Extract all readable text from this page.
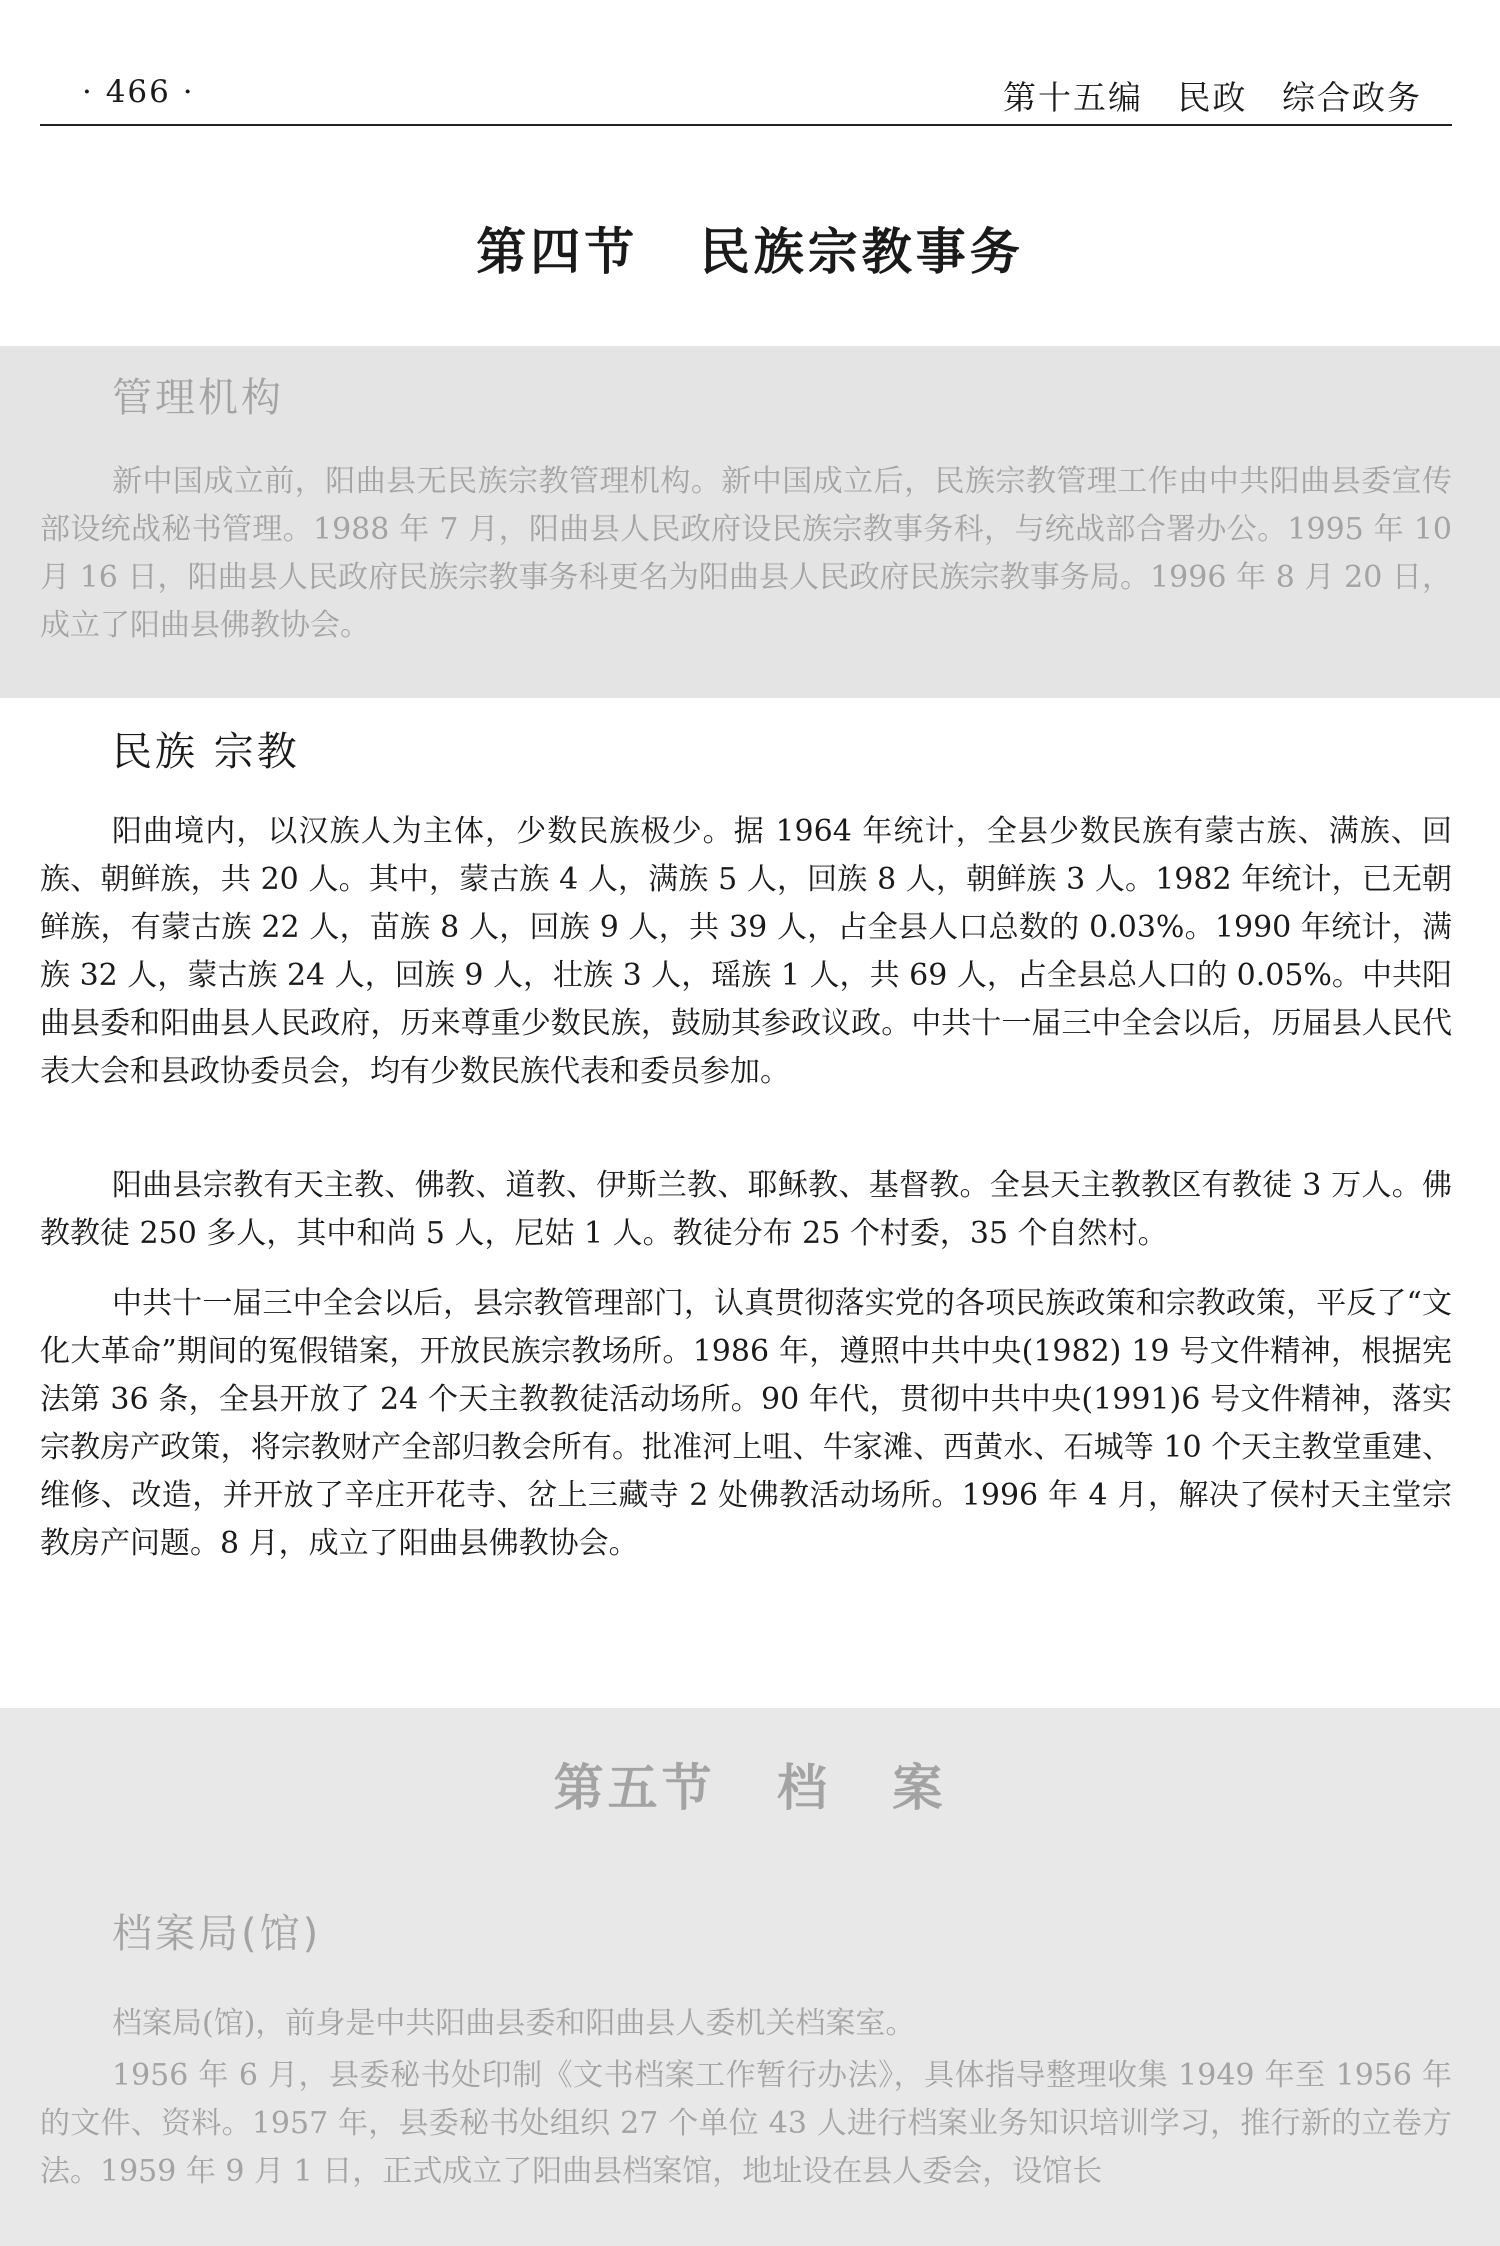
· 466 ·	第十五编 民政 综合政务
第四节 民族宗教事务
管理机构

新中国成立前，阳曲县无民族宗教管理机构。新中国成立后，民族宗教管理工作由中共阳曲县委宣传部设统战秘书管理。1988 年 7 月，阳曲县人民政府设民族宗教事务科，与统战部合署办公。1995 年 10 月 16 日，阳曲县人民政府民族宗教事务科更名为阳曲县人民政府民族宗教事务局。1996 年 8 月 20 日，成立了阳曲县佛教协会。

民族 宗教

阳曲境内，以汉族人为主体，少数民族极少。据 1964 年统计，全县少数民族有蒙古族、满族、回族、朝鲜族，共 20 人。其中，蒙古族 4 人，满族 5 人，回族 8 人，朝鲜族 3 人。1982 年统计，已无朝鲜族，有蒙古族 22 人，苗族 8 人，回族 9 人，共 39 人，占全县人口总数的 0.03%。1990 年统计，满族 32 人，蒙古族 24 人，回族 9 人，壮族 3 人，瑶族 1 人，共 69 人，占全县总人口的 0.05%。中共阳曲县委和阳曲县人民政府，历来尊重少数民族，鼓励其参政议政。中共十一届三中全会以后，历届县人民代表大会和县政协委员会，均有少数民族代表和委员参加。

阳曲县宗教有天主教、佛教、道教、伊斯兰教、耶稣教、基督教。全县天主教教区有教徒 3 万人。佛教教徒 250 多人，其中和尚 5 人，尼姑 1 人。教徒分布 25 个村委，35 个自然村。

中共十一届三中全会以后，县宗教管理部门，认真贯彻落实党的各项民族政策和宗教政策，平反了“文化大革命”期间的冤假错案，开放民族宗教场所。1986 年，遵照中共中央(1982) 19 号文件精神，根据宪法第 36 条，全县开放了 24 个天主教教徒活动场所。90 年代，贯彻中共中央(1991)6 号文件精神，落实宗教房产政策，将宗教财产全部归教会所有。批准河上咀、牛家滩、西黄水、石城等 10 个天主教堂重建、维修、改造，并开放了辛庄开花寺、岔上三藏寺 2 处佛教活动场所。1996 年 4 月，解决了侯村天主堂宗教房产问题。8 月，成立了阳曲县佛教协会。

第五节 档 案
档案局(馆)

档案局(馆)，前身是中共阳曲县委和阳曲县人委机关档案室。

1956 年 6 月，县委秘书处印制《文书档案工作暂行办法》，具体指导整理收集 1949 年至 1956 年的文件、资料。1957 年，县委秘书处组织 27 个单位 43 人进行档案业务知识培训学习，推行新的立卷方法。1959 年 9 月 1 日，正式成立了阳曲县档案馆，地址设在县人委会，设馆长
